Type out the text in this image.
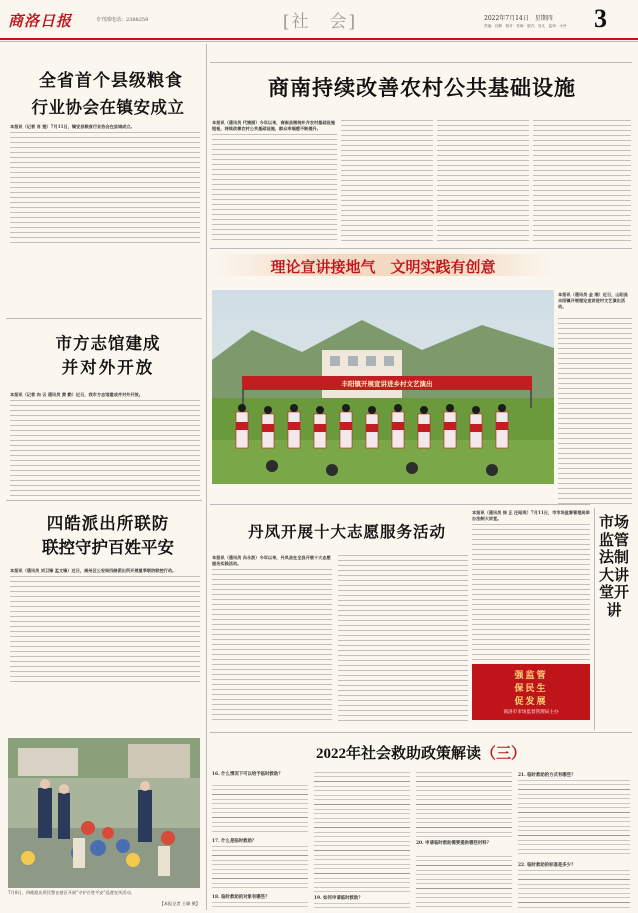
商洛日报	专刊部电话：2388259	[社　会]	2022年7月14日　星期四
责编：吕静　校对：苏海　版式：吴凡　监审：小丹 3
全省首个县级粮食
行业协会在镇安成立
本报讯（记者 肖 莲）7月11日，镇安县粮食行业协会在县城成立。
市方志馆建成
并对外开放
本报讯（记者 向 云 通讯员 黄 勤）近日，我市方志馆建成并对外开放。
四皓派出所联防
联控守护百姓平安
本报讯（通讯员 刘卫锋 孟文锋）近日，商州区公安局四皓派出所开展夏季联防联控行动。
7月8日，四皓派出所民警在辖区开展“守护百姓平安”巡逻宣传活动。
【本报记者 王璐 摄】
商南持续改善农村公共基础设施
本报讯（通讯员 代婉丽）今年以来，商南县围绕补齐农村基础设施短板，持续改善农村公共基础设施，群众幸福感不断提升。
理论宣讲接地气　文明实践有创意
丰阳镇开展宣讲进乡村文艺演出
本报讯（通讯员 金 湘）近日，山阳县丰阳镇开展理论宣讲进村文艺演出活动。
丹凤开展十大志愿服务活动
本报讯（通讯员 冯永波）今年以来，丹凤县在全县开展十大志愿服务实践活动。
本报讯（通讯员 徐 正 汪昭英）7月11日，市市场监督管理局举办法制大讲堂。
强监管
保民生
促发展
商洛市市场监督管理局主办
市场监管法制大讲堂开讲
2022年社会救助政策解读（三）
16. 什么情况下可以给予临时救助？
17. 什么是临时救助？
18. 临时救助的对象有哪些？	19. 如何申请临时救助？
20. 申请临时救助需要提供哪些材料？
21. 临时救助的方式有哪些？
22. 临时救助的标准是多少？
